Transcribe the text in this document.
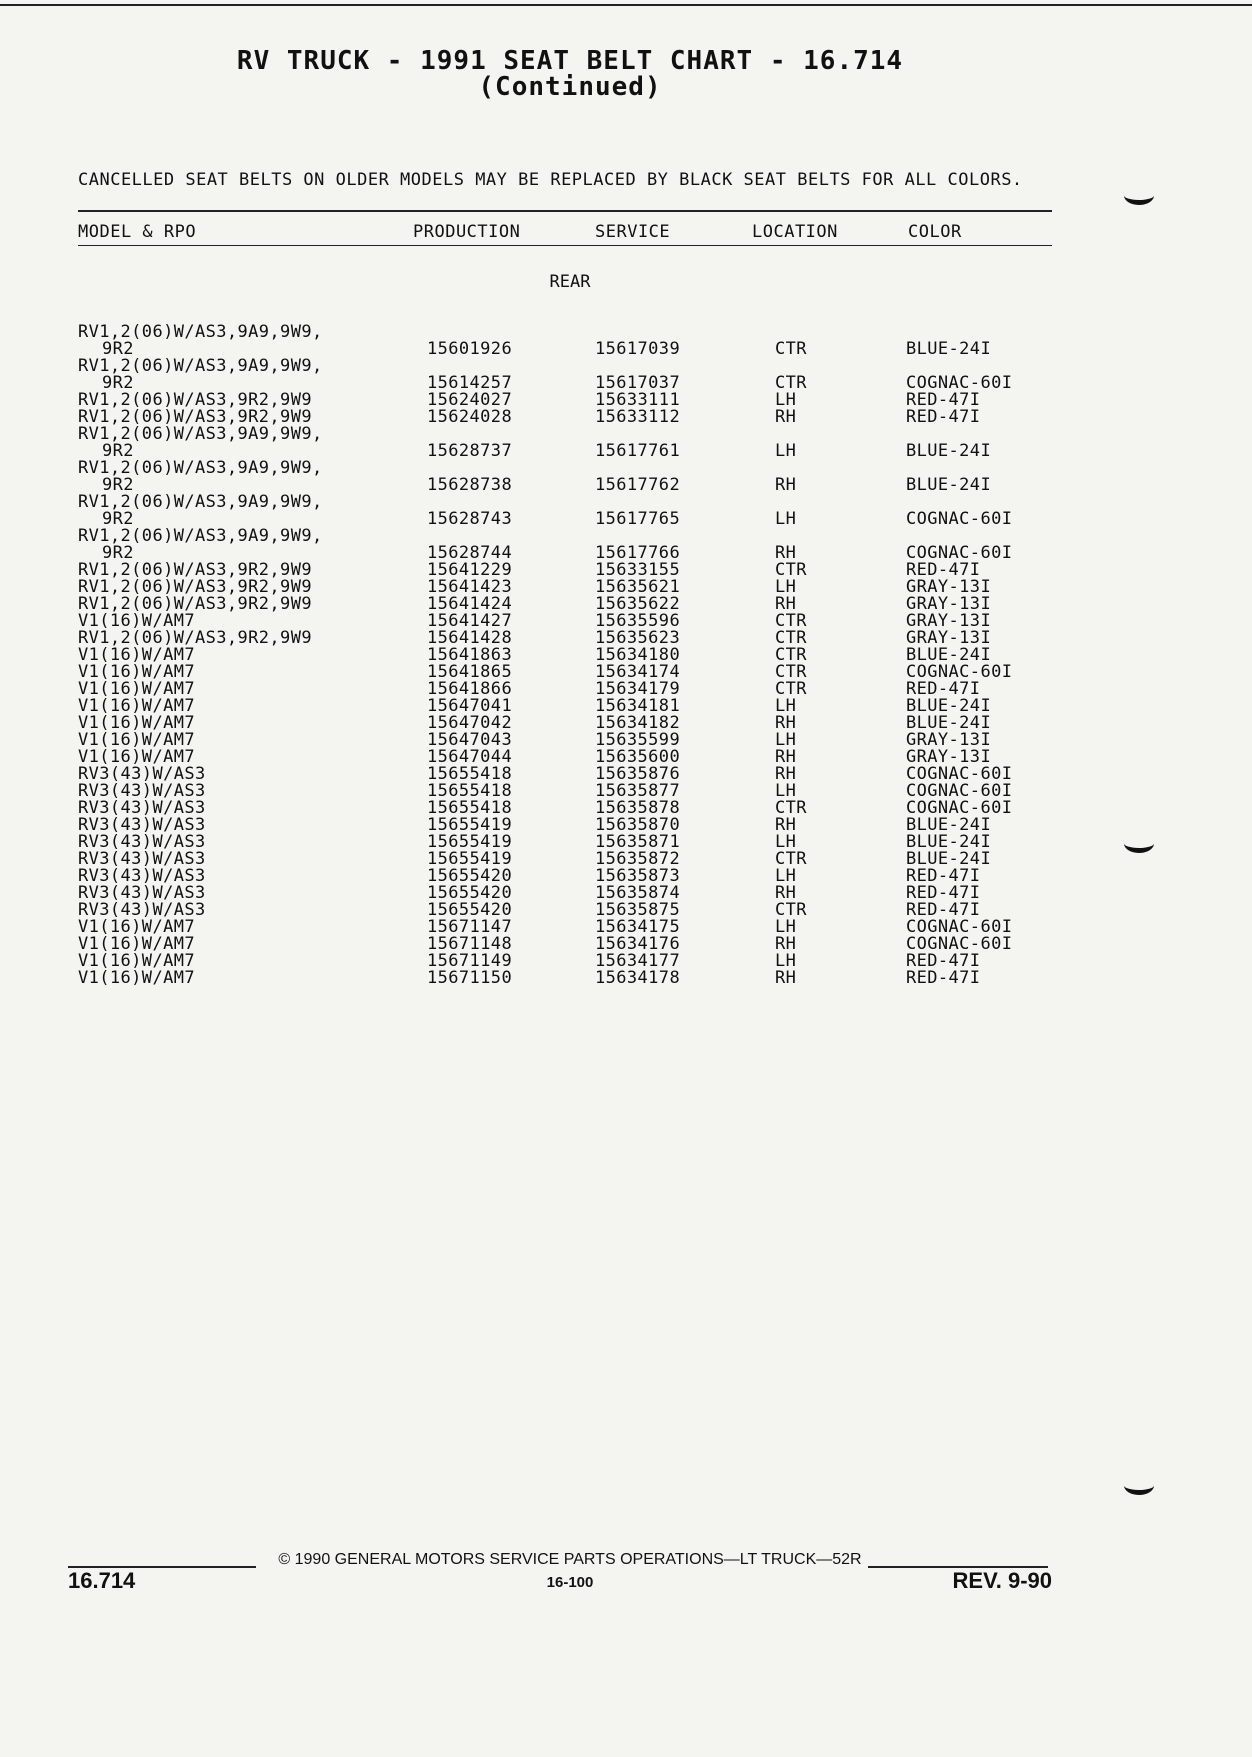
RV TRUCK - 1991 SEAT BELT CHART - 16.714
(Continued)
CANCELLED SEAT BELTS ON OLDER MODELS MAY BE REPLACED BY BLACK SEAT BELTS FOR ALL COLORS.
MODEL & RPO	PRODUCTION	SERVICE	LOCATION	COLOR
REAR
RV1,2(06)W/AS3,9A9,9W9,
9R2	15601926	15617039	CTR	BLUE-24I
RV1,2(06)W/AS3,9A9,9W9,
9R2	15614257	15617037	CTR	COGNAC-60I
RV1,2(06)W/AS3,9R2,9W9	15624027	15633111	LH	RED-47I
RV1,2(06)W/AS3,9R2,9W9	15624028	15633112	RH	RED-47I
RV1,2(06)W/AS3,9A9,9W9,
9R2	15628737	15617761	LH	BLUE-24I
RV1,2(06)W/AS3,9A9,9W9,
9R2	15628738	15617762	RH	BLUE-24I
RV1,2(06)W/AS3,9A9,9W9,
9R2	15628743	15617765	LH	COGNAC-60I
RV1,2(06)W/AS3,9A9,9W9,
9R2	15628744	15617766	RH	COGNAC-60I
RV1,2(06)W/AS3,9R2,9W9	15641229	15633155	CTR	RED-47I
RV1,2(06)W/AS3,9R2,9W9	15641423	15635621	LH	GRAY-13I
RV1,2(06)W/AS3,9R2,9W9	15641424	15635622	RH	GRAY-13I
V1(16)W/AM7	15641427	15635596	CTR	GRAY-13I
RV1,2(06)W/AS3,9R2,9W9	15641428	15635623	CTR	GRAY-13I
V1(16)W/AM7	15641863	15634180	CTR	BLUE-24I
V1(16)W/AM7	15641865	15634174	CTR	COGNAC-60I
V1(16)W/AM7	15641866	15634179	CTR	RED-47I
V1(16)W/AM7	15647041	15634181	LH	BLUE-24I
V1(16)W/AM7	15647042	15634182	RH	BLUE-24I
V1(16)W/AM7	15647043	15635599	LH	GRAY-13I
V1(16)W/AM7	15647044	15635600	RH	GRAY-13I
RV3(43)W/AS3	15655418	15635876	RH	COGNAC-60I
RV3(43)W/AS3	15655418	15635877	LH	COGNAC-60I
RV3(43)W/AS3	15655418	15635878	CTR	COGNAC-60I
RV3(43)W/AS3	15655419	15635870	RH	BLUE-24I
RV3(43)W/AS3	15655419	15635871	LH	BLUE-24I
RV3(43)W/AS3	15655419	15635872	CTR	BLUE-24I
RV3(43)W/AS3	15655420	15635873	LH	RED-47I
RV3(43)W/AS3	15655420	15635874	RH	RED-47I
RV3(43)W/AS3	15655420	15635875	CTR	RED-47I
V1(16)W/AM7	15671147	15634175	LH	COGNAC-60I
V1(16)W/AM7	15671148	15634176	RH	COGNAC-60I
V1(16)W/AM7	15671149	15634177	LH	RED-47I
V1(16)W/AM7	15671150	15634178	RH	RED-47I
© 1990 GENERAL MOTORS SERVICE PARTS OPERATIONS—LT TRUCK—52R
16.714	16-100	REV. 9-90
